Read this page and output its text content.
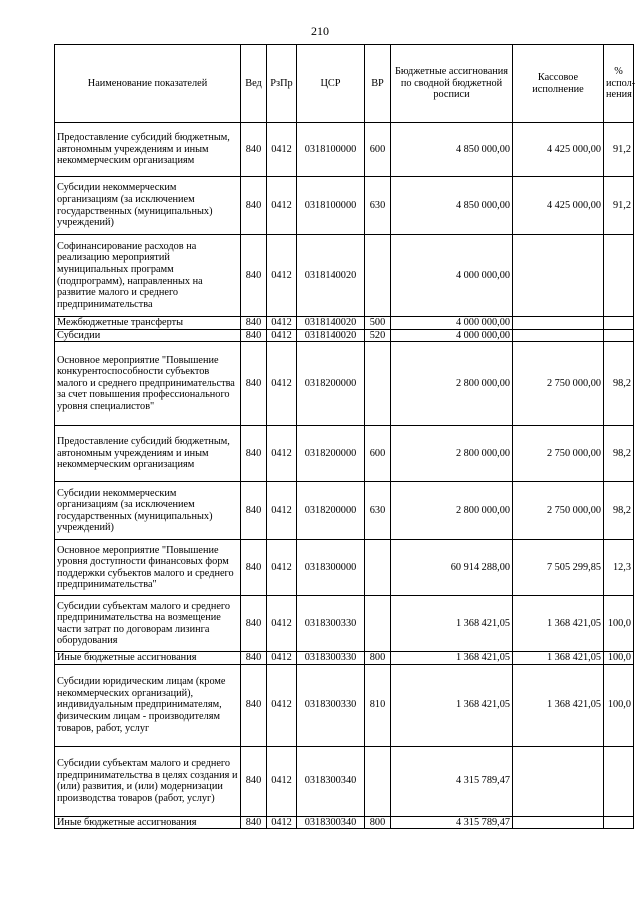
210
Наименование показателей	Вед	РзПр	ЦСР	ВР	Бюджетные ассигнования по сводной бюджетной росписи	Кассовое исполнение	% испол-нения
Предоставление субсидий бюджетным, автономным учреждениям и иным некоммерческим организациям	840	0412	0318100000	600	4 850 000,00	4 425 000,00	91,2
Субсидии некоммерческим организациям (за исключением государственных (муниципальных) учреждений)	840	0412	0318100000	630	4 850 000,00	4 425 000,00	91,2
Софинансирование расходов на реализацию мероприятий муниципальных программ (подпрограмм), направленных на развитие малого и среднего предпринимательства	840	0412	0318140020		4 000 000,00		
Межбюджетные трансферты	840	0412	0318140020	500	4 000 000,00		
Субсидии	840	0412	0318140020	520	4 000 000,00		
Основное мероприятие "Повышение конкурентоспособности субъектов малого и среднего предпринимательства за счет повышения профессионального уровня специалистов"	840	0412	0318200000		2 800 000,00	2 750 000,00	98,2
Предоставление субсидий бюджетным, автономным учреждениям и иным некоммерческим организациям	840	0412	0318200000	600	2 800 000,00	2 750 000,00	98,2
Субсидии некоммерческим организациям (за исключением государственных (муниципальных) учреждений)	840	0412	0318200000	630	2 800 000,00	2 750 000,00	98,2
Основное мероприятие "Повышение уровня доступности финансовых форм поддержки субъектов малого и среднего предпринимательства"	840	0412	0318300000		60 914 288,00	7 505 299,85	12,3
Субсидии субъектам малого и среднего предпринимательства на возмещение части затрат по договорам лизинга оборудования	840	0412	0318300330		1 368 421,05	1 368 421,05	100,0
Иные бюджетные ассигнования	840	0412	0318300330	800	1 368 421,05	1 368 421,05	100,0
Субсидии юридическим лицам (кроме некоммерческих организаций), индивидуальным предпринимателям, физическим лицам - производителям товаров, работ, услуг	840	0412	0318300330	810	1 368 421,05	1 368 421,05	100,0
Субсидии субъектам малого и среднего предпринимательства в целях создания и (или) развития, и (или) модернизации производства товаров (работ, услуг)	840	0412	0318300340		4 315 789,47		
Иные бюджетные ассигнования	840	0412	0318300340	800	4 315 789,47		
